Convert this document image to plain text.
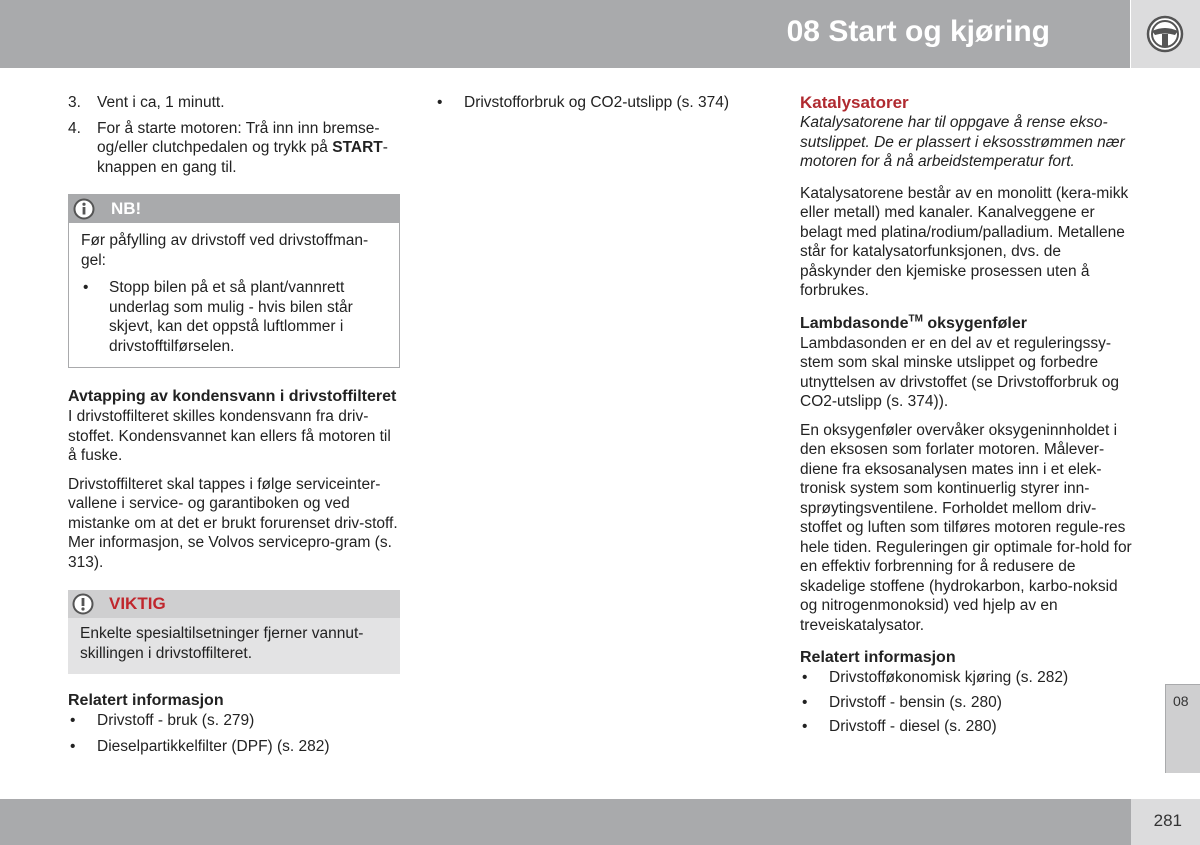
08 Start og kjøring
3. Vent i ca, 1 minutt.
4. For å starte motoren: Trå inn inn bremse-og/eller clutchpedalen og trykk på START-knappen en gang til.
NB!

Før påfylling av drivstoff ved drivstoffman-gel:

• Stopp bilen på et så plant/vannrett underlag som mulig - hvis bilen står skjevt, kan det oppstå luftlommer i drivstofftilførselen.
Avtapping av kondensvann i drivstoffilteret

I drivstoffilteret skilles kondensvann fra driv-stoffet. Kondensvannet kan ellers få motoren til å fuske.

Drivstoffilteret skal tappes i følge serviceinter-vallene i service- og garantiboken og ved mistanke om at det er brukt forurenset driv-stoff. Mer informasjon, se Volvos servicepro-gram (s. 313).

VIKTIG

Enkelte spesialtilsetninger fjerner vannut-skillingen i drivstoffilteret.

Relatert informasjon
• Drivstoff - bruk (s. 279)
• Dieselpartikkelfilter (DPF) (s. 282)
• Drivstofforbruk og CO2-utslipp (s. 374)	Katalysatorer

Katalysatorene har til oppgave å rense ekso-sutslippet. De er plassert i eksosstrømmen nær motoren for å nå arbeidstemperatur fort.

Katalysatorene består av en monolitt (kera-mikk eller metall) med kanaler. Kanalveggene er belagt med platina/rodium/palladium. Metallene står for katalysatorfunksjonen, dvs. de påskynder den kjemiske prosessen uten å forbrukes.

Lambdasonde™ oksygenføler

Lambdasonden er en del av et reguleringssy-stem som skal minske utslippet og forbedre utnyttelsen av drivstoffet (se Drivstofforbruk og CO2-utslipp (s. 374)).

En oksygenføler overvåker oksygeninnholdet i den eksosen som forlater motoren. Målever-diene fra eksosanalysen mates inn i et elek-tronisk system som kontinuerlig styrer inn-sprøytingsventilene. Forholdet mellom driv-stoffet og luften som tilføres motoren regule-res hele tiden. Reguleringen gir optimale for-hold for en effektiv forbrenning for å redusere de skadelige stoffene (hydrokarbon, karbo-noksid og nitrogenmonoksid) ved hjelp av en treveiskatalysator.

Relatert informasjon
• Drivstofføkonomisk kjøring (s. 282)
• Drivstoff - bensin (s. 280)
• Drivstoff - diesel (s. 280)
08
281
